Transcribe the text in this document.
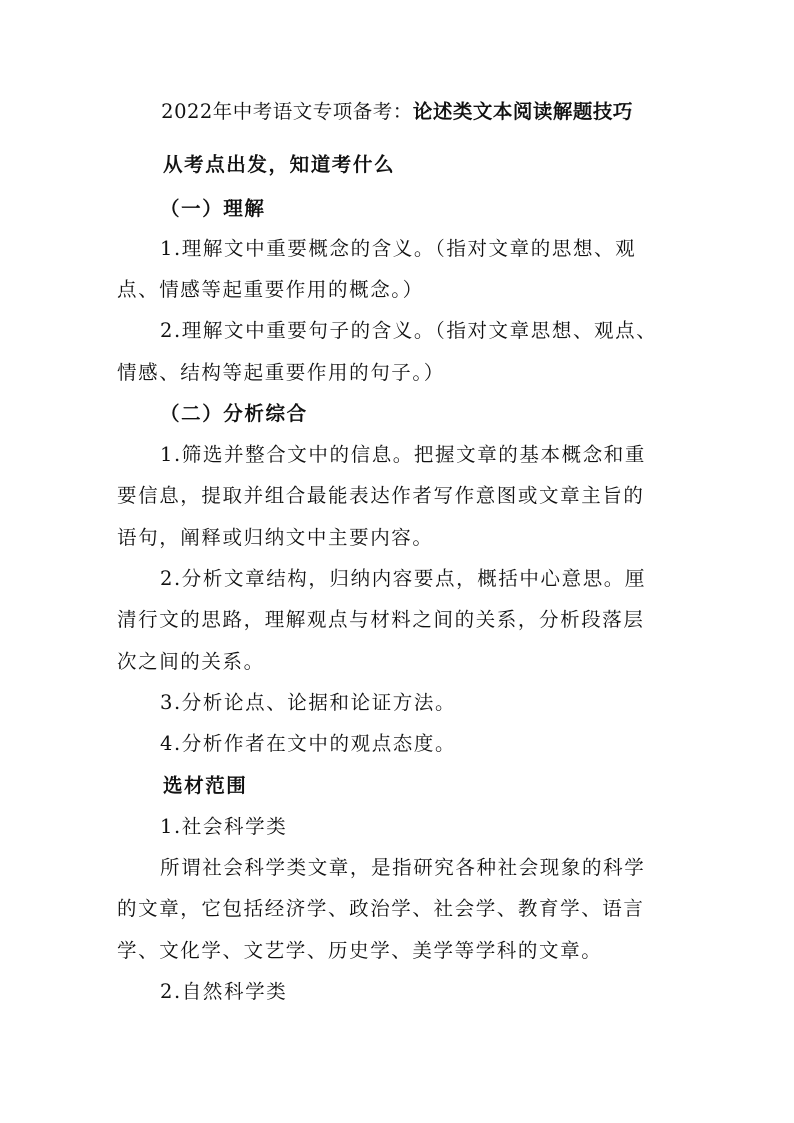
2022年中考语文专项备考：论述类文本阅读解题技巧
从考点出发，知道考什么
（一）理解
1.理解文中重要概念的含义。（指对文章的思想、观
点、情感等起重要作用的概念。）
2.理解文中重要句子的含义。（指对文章思想、观点、
情感、结构等起重要作用的句子。）
（二）分析综合
1.筛选并整合文中的信息。把握文章的基本概念和重
要信息，提取并组合最能表达作者写作意图或文章主旨的
语句，阐释或归纳文中主要内容。
2.分析文章结构，归纳内容要点，概括中心意思。厘
清行文的思路，理解观点与材料之间的关系，分析段落层
次之间的关系。
3.分析论点、论据和论证方法。
4.分析作者在文中的观点态度。
选材范围
1.社会科学类
所谓社会科学类文章，是指研究各种社会现象的科学
的文章，它包括经济学、政治学、社会学、教育学、语言
学、文化学、文艺学、历史学、美学等学科的文章。
2.自然科学类
